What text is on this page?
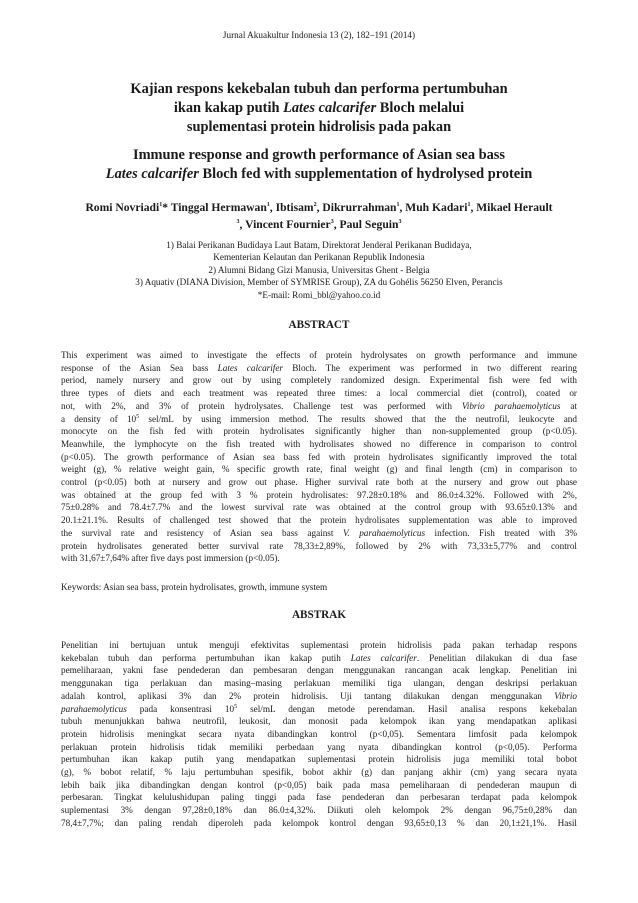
Jurnal Akuakultur Indonesia 13 (2), 182–191 (2014)
Kajian respons kekebalan tubuh dan performa pertumbuhan
ikan kakap putih Lates calcarifer Bloch melalui
suplementasi protein hidrolisis pada pakan
Immune response and growth performance of Asian sea bass
Lates calcarifer Bloch fed with supplementation of hydrolysed protein
Romi Novriadi$^1$* Tinggal Hermawan$^1$, Ibtisam$^2$, Dikrurrahman$^1$, Muh Kadari$^1$, Mikael Herault
$^3$, Vincent Fournier$^3$, Paul Seguin$^3$
1) Balai Perikanan Budidaya Laut Batam, Direktorat Jenderal Perikanan Budidaya,
Kementerian Kelautan dan Perikanan Republik Indonesia
2) Alumni Bidang Gizi Manusia, Universitas Ghent - Belgia
3) Aquativ (DIANA Division, Member of SYMRISE Group), ZA du Gohélis 56250 Elven, Perancis
*E-mail: Romi_bbl@yahoo.co.id
ABSTRACT
This experiment was aimed to investigate the effects of protein hydrolysates on growth performance and immune
response of the Asian Sea bass Lates calcarifer Bloch. The experiment was performed in two different rearing
period, namely nursery and grow out by using completely randomized design. Experimental fish were fed with
three types of diets and each treatment was repeated three times: a local commercial diet (control), coated or
not, with 2%, and 3% of protein hydrolysates. Challenge test was performed with Vibrio parahaemolyticus at
a density of $10^5$ sel/mL by using immersion method. The results showed that the the neutrofil, leukocyte and
monocyte on the fish fed with protein hydrolisates significantly higher than non-supplemented group (p<0.05).
Meanwhile, the lymphocyte on the fish treated with hydrolisates showed no difference in comparison to control
(p<0.05). The growth performance of Asian sea bass fed with protein hydrolisates significantly improved the total
weight (g), % relative weight gain, % specific growth rate, final weight (g) and final length (cm) in comparison to
control (p<0.05) both at nursery and grow out phase. Higher survival rate both at the nursery and grow out phase
was obtained at the group fed with 3 % protein hydrolisates: 97.28±0.18% and 86.0±4.32%. Followed with 2%,
75±0.28% and 78.4±7.7% and the lowest survival rate was obtained at the control group with 93.65±0.13% and
20.1±21.1%. Results of challenged test showed that the protein hydrolisates supplementation was able to improved
the survival rate and resistency of Asian sea bass against V. parahaemolyticus infection. Fish treated with 3%
protein hydrolisates generated better survival rate 78,33±2,89%, followed by 2% with 73,33±5,77% and control
with 31,67±7,64% after five days post immersion (p<0.05).
Keywords: Asian sea bass, protein hydrolisates, growth, immune system
ABSTRAK
Penelitian ini bertujuan untuk menguji efektivitas suplementasi protein hidrolisis pada pakan terhadap respons
kekebalan tubuh dan performa pertumbuhan ikan kakap putih Lates calcarifer. Penelitian dilakukan di dua fase
pemeliharaan, yakni fase pendederan dan pembesaran dengan menggunakan rancangan acak lengkap. Penelitian ini
menggunakan tiga perlakuan dan masing–masing perlakuan memiliki tiga ulangan, dengan deskripsi perlakuan
adalah kontrol, aplikasi 3% dan 2% protein hidrolisis. Uji tantang dilakukan dengan menggunakan Vibrio
parahaemolyticus pada konsentrasi $10^5$ sel/mL dengan metode perendaman. Hasil analisa respons kekebalan
tubuh menunjukkan bahwa neutrofil, leukosit, dan monosit pada kelompok ikan yang mendapatkan aplikasi
protein hidrolisis meningkat secara nyata dibandingkan kontrol (p<0,05). Sementara limfosit pada kelompok
perlakuan protein hidrolisis tidak memiliki perbedaan yang nyata dibandingkan kontrol (p<0,05). Performa
pertumbuhan ikan kakap putih yang mendapatkan suplementasi protein hidrolisis juga memiliki total bobot
(g), % bobot relatif, % laju pertumbuhan spesifik, bobot akhir (g) dan panjang akhir (cm) yang secara nyata
lebih baik jika dibandingkan dengan kontrol (p<0,05) baik pada masa pemeliharaan di pendederan maupun di
perbesaran. Tingkat kelulushidupan paling tinggi pada fase pendederan dan perbesaran terdapat pada kelompok
suplementasi 3% dengan 97,28±0,18% dan 86.0±4,32%. Diikuti oleh kelompok 2% dengan 96,75±0,28% dan
78,4±7,7%; dan paling rendah diperoleh pada kelompok kontrol dengan 93,65±0,13 % dan 20,1±21,1%. Hasil
